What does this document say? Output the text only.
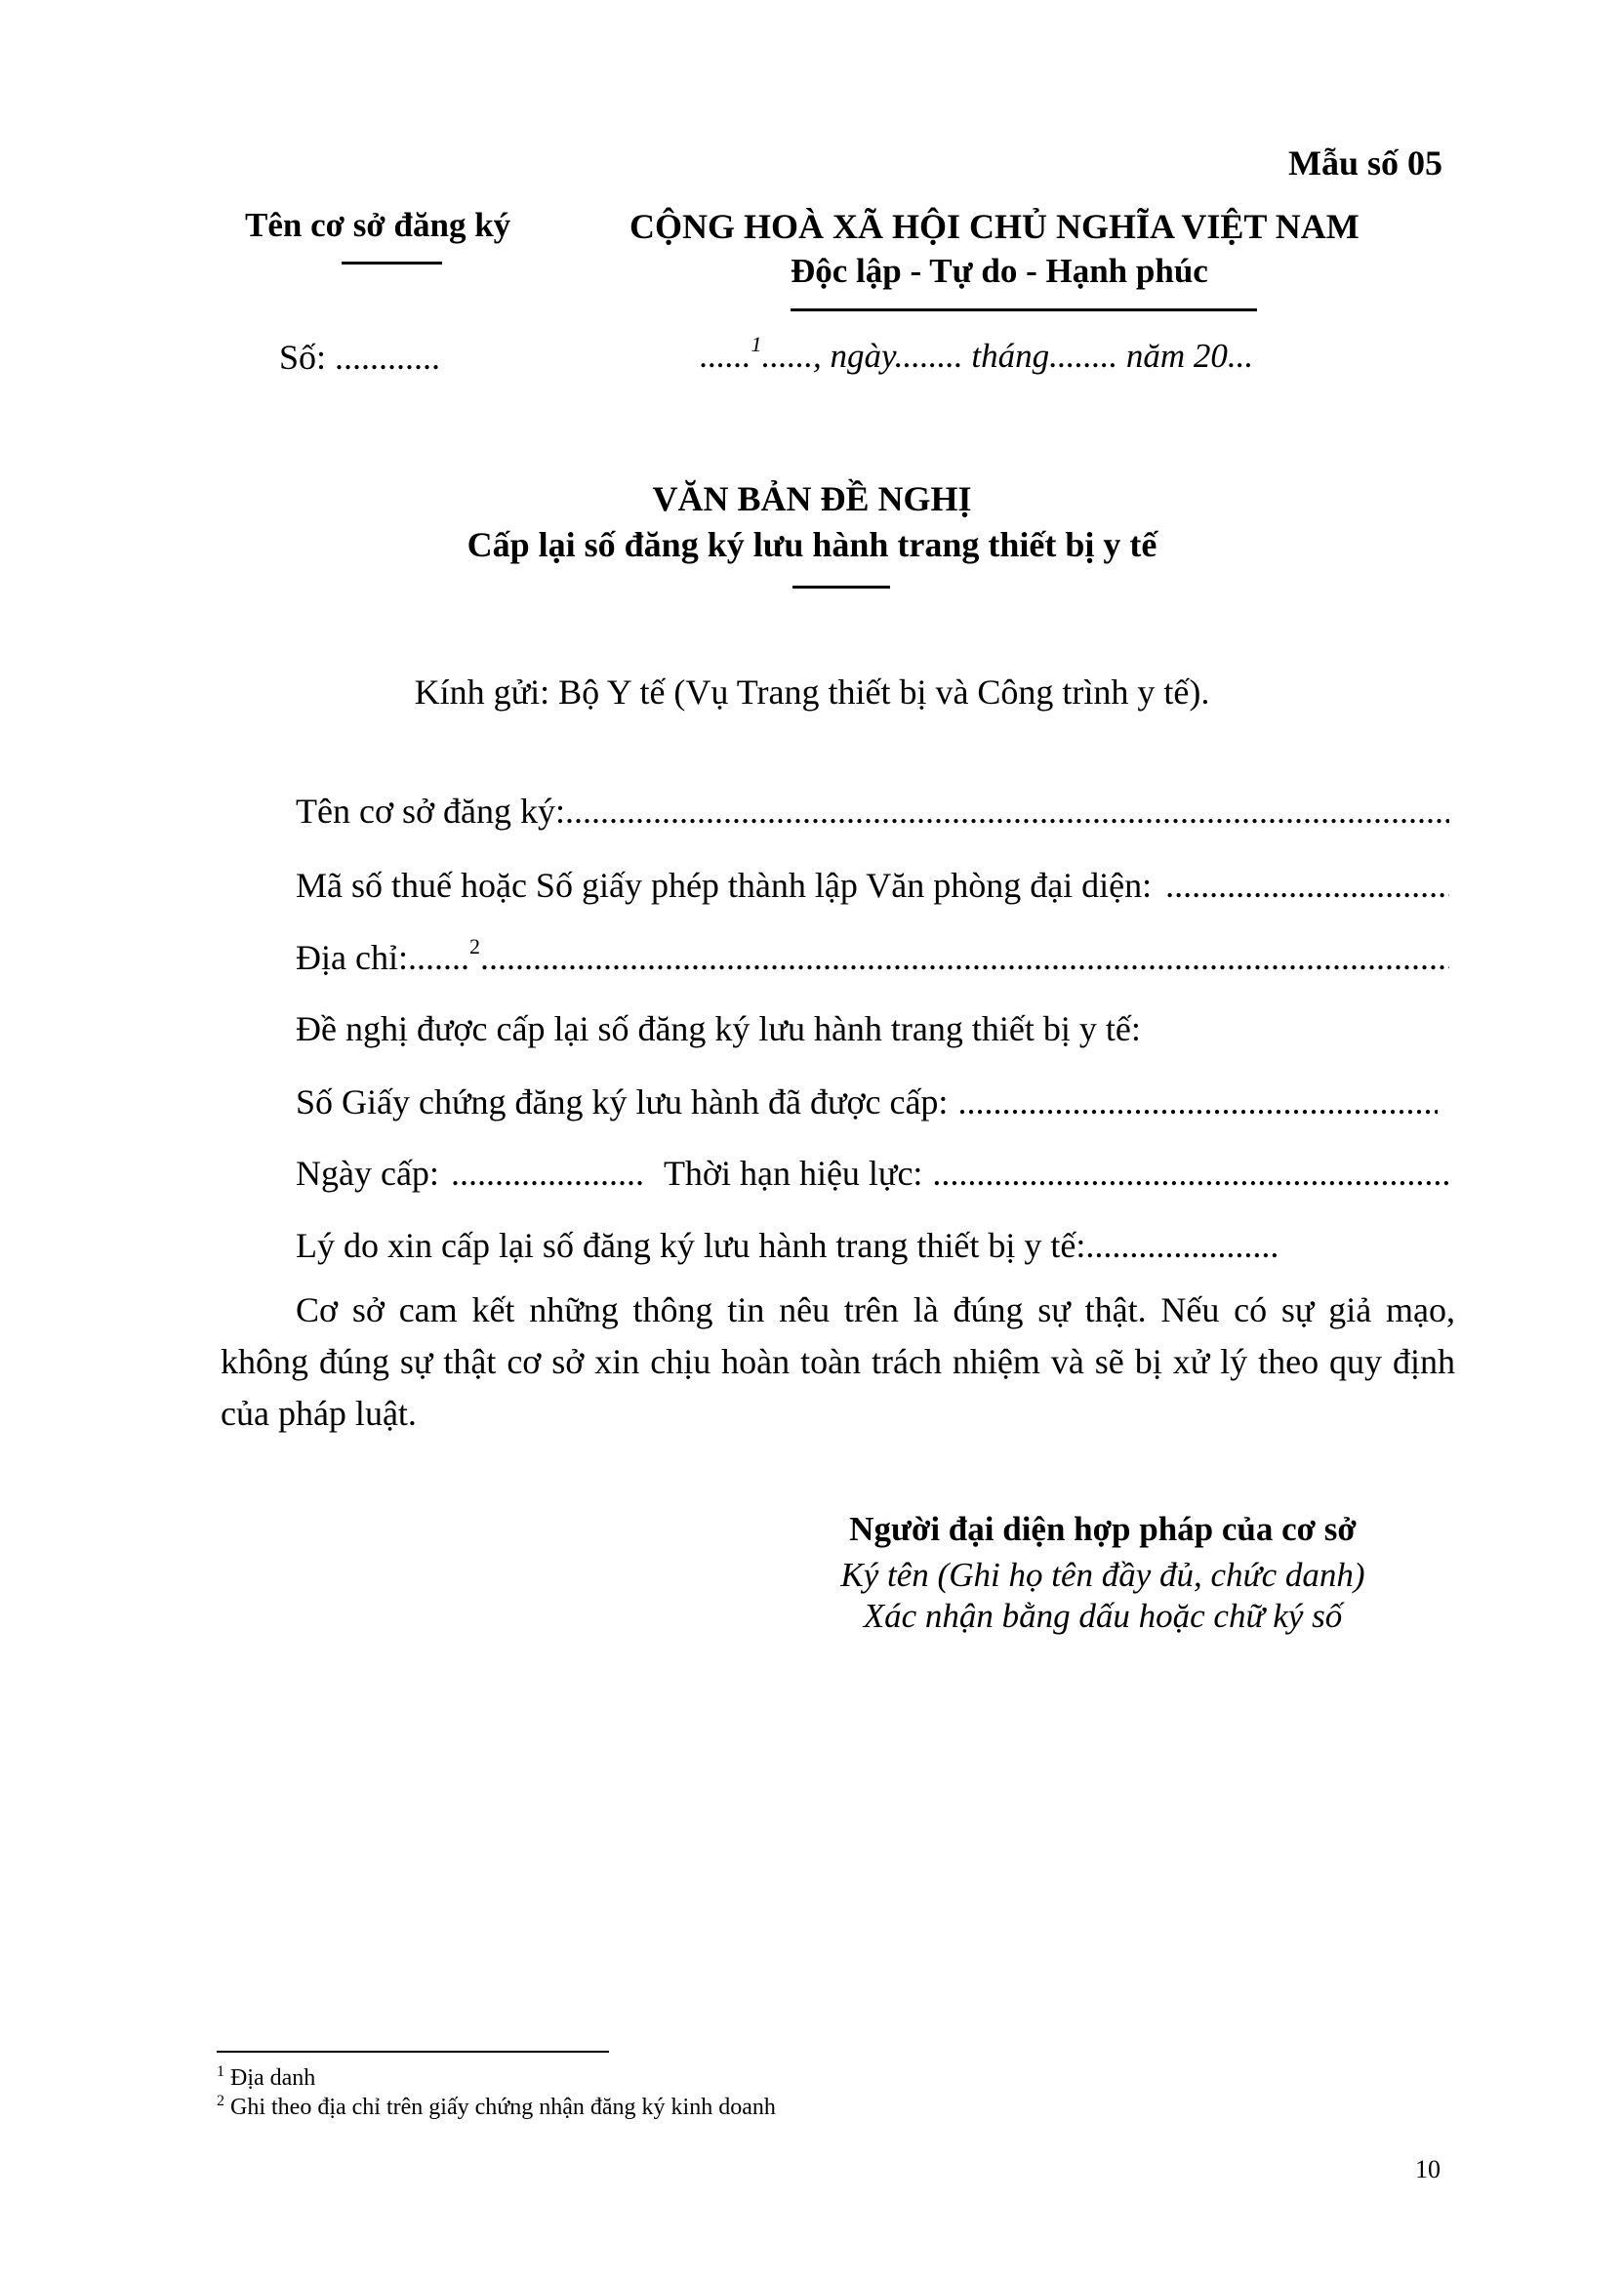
Mẫu số 05
Tên cơ sở đăng ký	CỘNG HOÀ XÃ HỘI CHỦ NGHĨA VIỆT NAM
Độc lập - Tự do - Hạnh phúc
Số: ............	......$^1$......, ngày........ tháng........ năm 20...
VĂN BẢN ĐỀ NGHỊ
Cấp lại số đăng ký lưu hành trang thiết bị y tế
Kính gửi: Bộ Y tế (Vụ Trang thiết bị và Công trình y tế).
Tên cơ sở đăng ký:
.....
Mã số thuế hoặc Số giấy phép thành lập Văn phòng đại diện:
.....
Địa chỉ:....... 2
.....
Đề nghị được cấp lại số đăng ký lưu hành trang thiết bị y tế:
Số Giấy chứng đăng ký lưu hành đã được cấp:
.....
Ngày cấp: ...................... Thời hạn hiệu lực:
.....
Lý do xin cấp lại số đăng ký lưu hành trang thiết bị y tế:......................
Cơ sở cam kết những thông tin nêu trên là đúng sự thật. Nếu có sự giả mạo, không đúng sự thật cơ sở xin chịu hoàn toàn trách nhiệm và sẽ bị xử lý theo quy định của pháp luật.
Người đại diện hợp pháp của cơ sở
Ký tên (Ghi họ tên đầy đủ, chức danh)
Xác nhận bằng dấu hoặc chữ ký số
$^1$ Địa danh
$^2$ Ghi theo địa chỉ trên giấy chứng nhận đăng ký kinh doanh
10
